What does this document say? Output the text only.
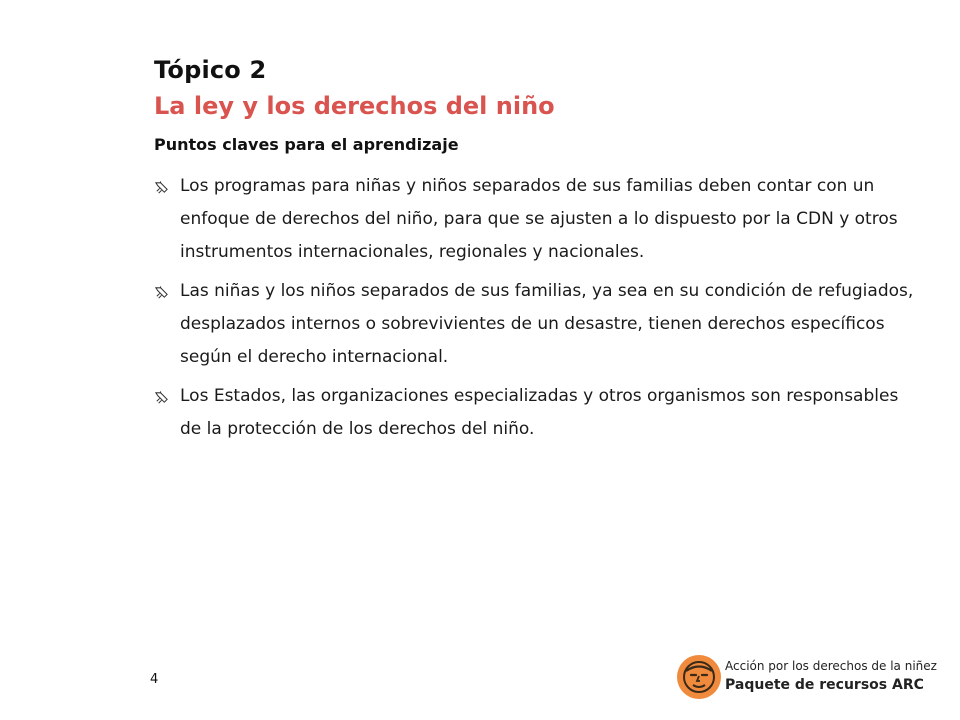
Tópico 2
La ley y los derechos del niño
Puntos claves para el aprendizaje
Los programas para niñas y niños separados de sus familias deben contar con un enfoque de derechos del niño, para que se ajusten a lo dispuesto por la CDN y otros instrumentos internacionales, regionales y nacionales.
Las niñas y los niños separados de sus familias, ya sea en su condición de refugiados, desplazados internos o sobrevivientes de un desastre, tienen derechos específicos según el derecho internacional.
Los Estados, las organizaciones especializadas y otros organismos son responsables de la protección de los derechos del niño.
4
Acción por los derechos de la niñez
Paquete de recursos ARC
